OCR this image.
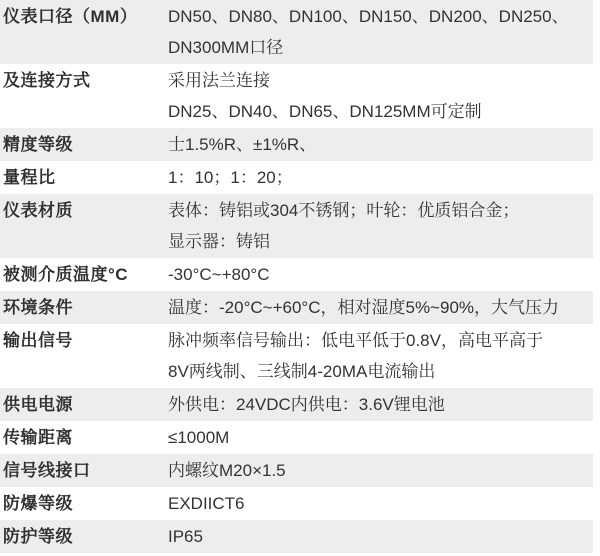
仪表口径（MM）	DN50、DN80、DN100、DN150、DN200、DN250、
DN300MM口径
及连接方式	采用法兰连接
DN25、DN40、DN65、DN125MM可定制
精度等级	士1.5%R、±1%R、
量程比	1：10；1：20；
仪表材质	表体：铸铝或304不锈钢；叶轮：优质铝合金；
显示器：铸铝
被测介质温度°C	-30°C~+80°C
环境条件	温度：-20°C~+60°C，相对湿度5%~90%，大气压力
输出信号	脉冲频率信号输出：低电平低于0.8V，高电平高于
8V两线制、三线制4-20MA电流输出
供电电源	外供电：24VDC内供电：3.6V锂电池
传输距离	≤1000M
信号线接口	内螺纹M20×1.5
防爆等级	EXDIICT6
防护等级	IP65
